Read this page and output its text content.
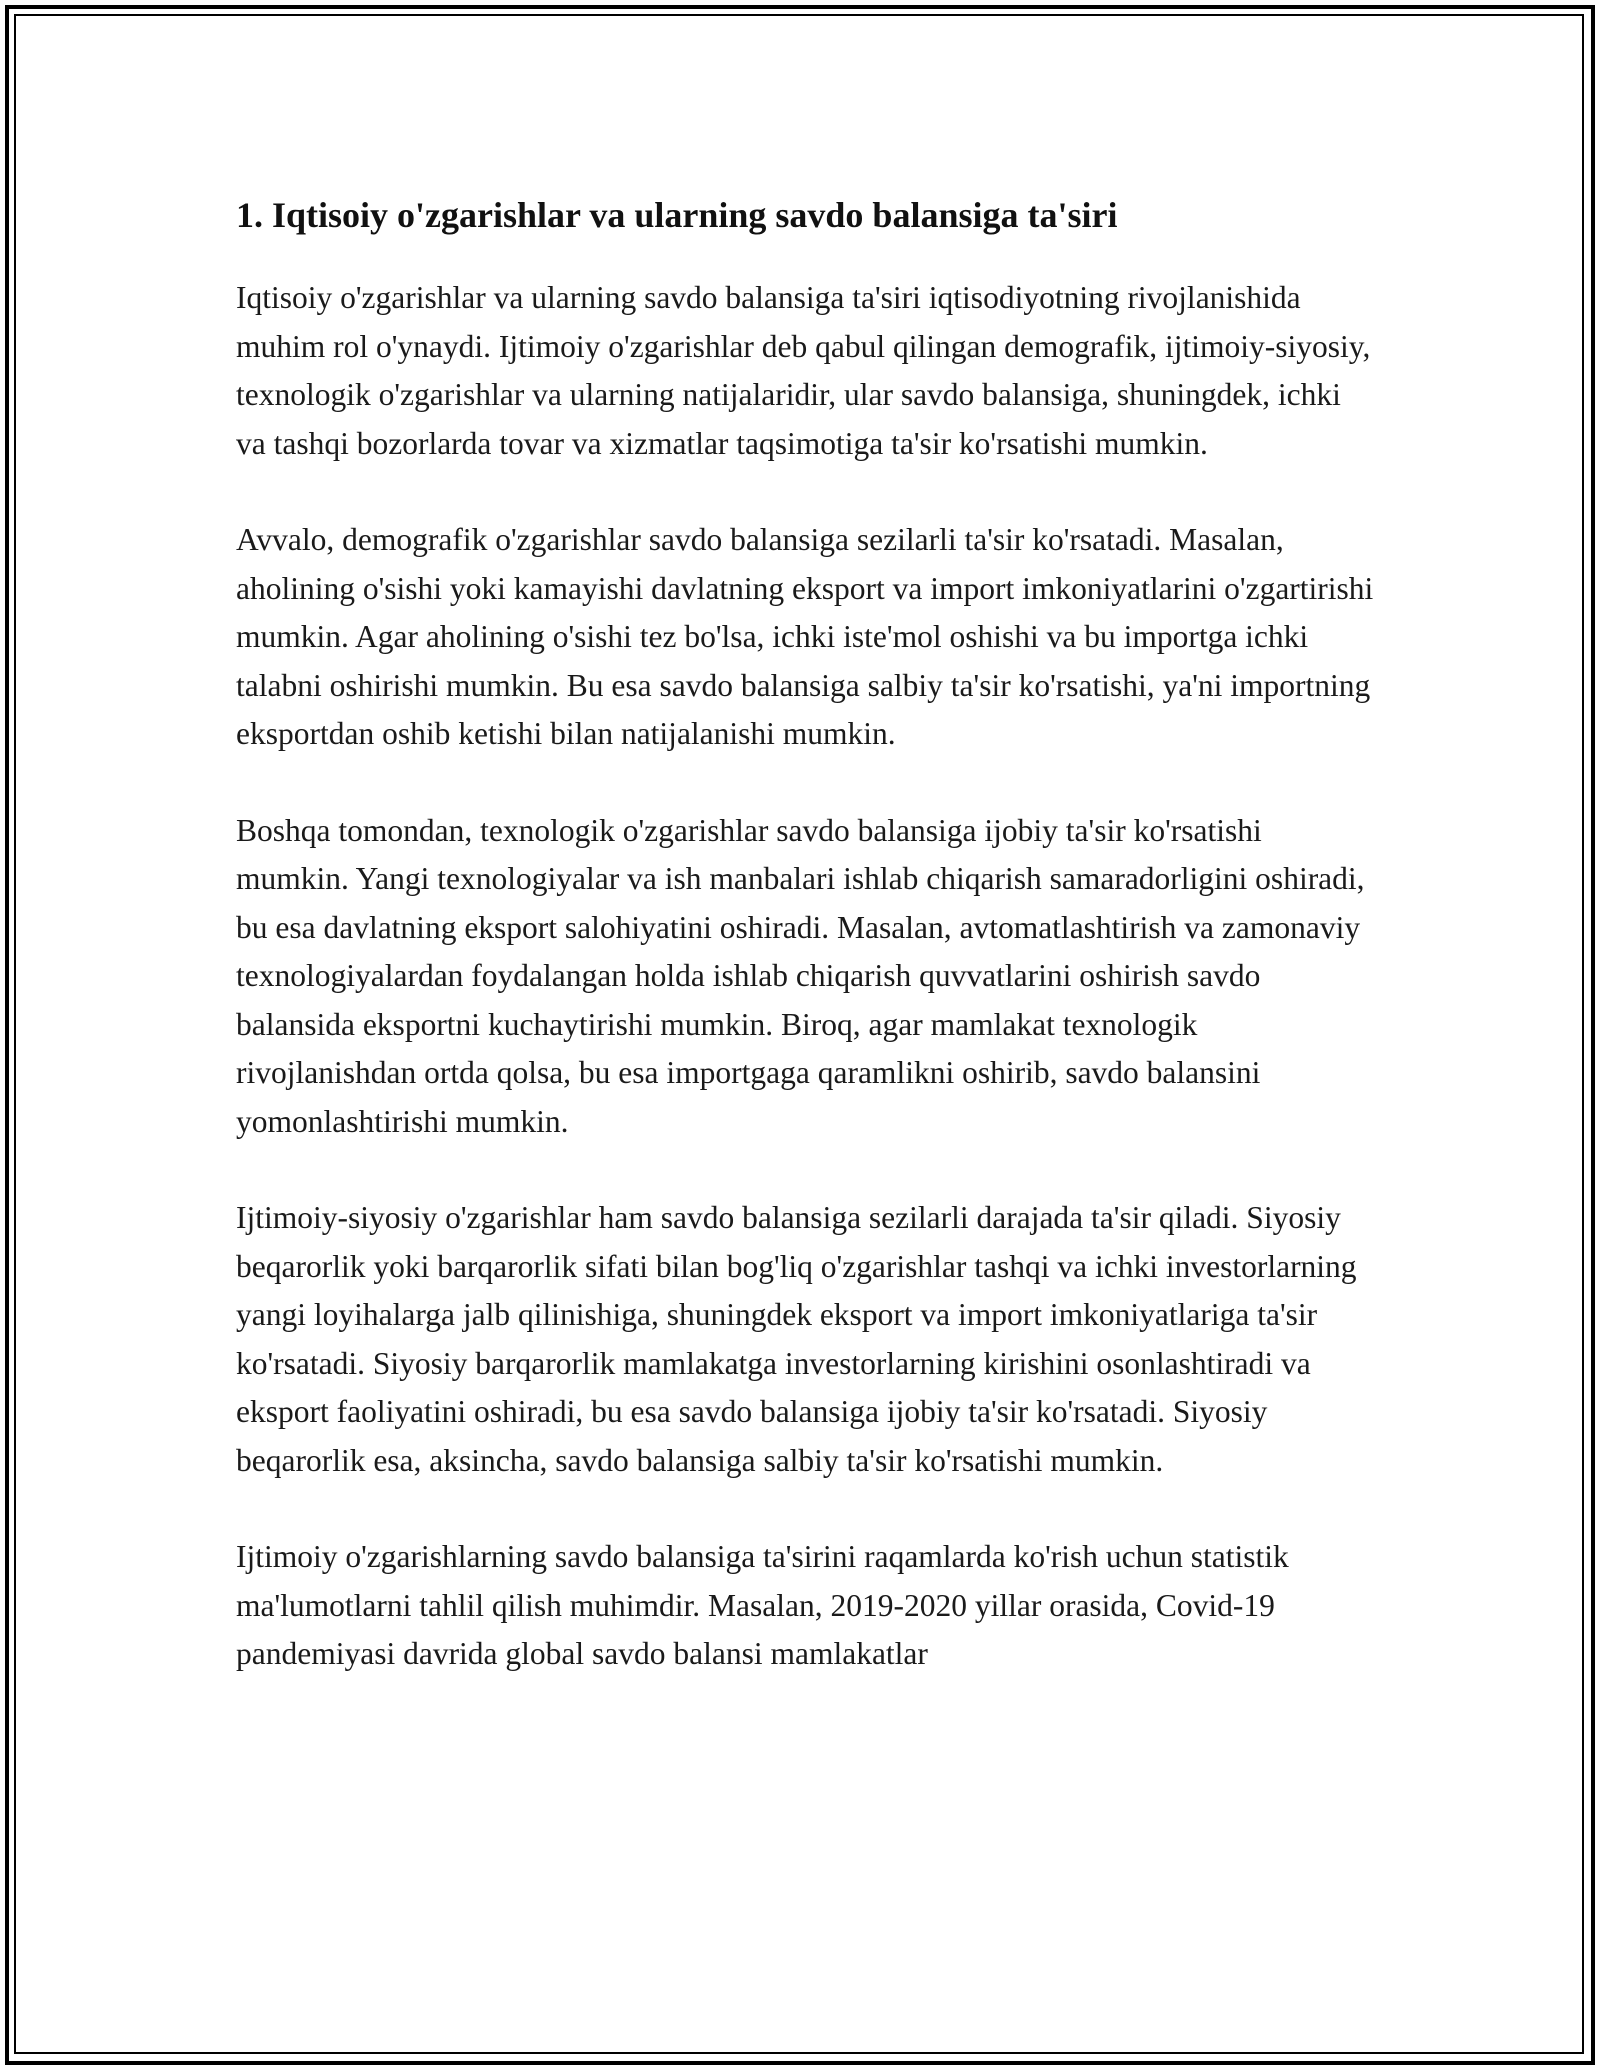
1. Iqtisoiy o'zgarishlar va ularning savdo balansiga ta'siri

Iqtisoiy o'zgarishlar va ularning savdo balansiga ta'siri iqtisodiyotning rivojlanishida muhim rol o'ynaydi. Ijtimoiy o'zgarishlar deb qabul qilingan demografik, ijtimoiy-siyosiy, texnologik o'zgarishlar va ularning natijalaridir, ular savdo balansiga, shuningdek, ichki va tashqi bozorlarda tovar va xizmatlar taqsimotiga ta'sir ko'rsatishi mumkin.

Avvalo, demografik o'zgarishlar savdo balansiga sezilarli ta'sir ko'rsatadi. Masalan, aholining o'sishi yoki kamayishi davlatning eksport va import imkoniyatlarini o'zgartirishi mumkin. Agar aholining o'sishi tez bo'lsa, ichki iste'mol oshishi va bu importga ichki talabni oshirishi mumkin. Bu esa savdo balansiga salbiy ta'sir ko'rsatishi, ya'ni importning eksportdan oshib ketishi bilan natijalanishi mumkin.

Boshqa tomondan, texnologik o'zgarishlar savdo balansiga ijobiy ta'sir ko'rsatishi mumkin. Yangi texnologiyalar va ish manbalari ishlab chiqarish samaradorligini oshiradi, bu esa davlatning eksport salohiyatini oshiradi. Masalan, avtomatlashtirish va zamonaviy texnologiyalardan foydalangan holda ishlab chiqarish quvvatlarini oshirish savdo balansida eksportni kuchaytirishi mumkin. Biroq, agar mamlakat texnologik rivojlanishdan ortda qolsa, bu esa importgaga qaramlikni oshirib, savdo balansini yomonlashtirishi mumkin.

Ijtimoiy-siyosiy o'zgarishlar ham savdo balansiga sezilarli darajada ta'sir qiladi. Siyosiy beqarorlik yoki barqarorlik sifati bilan bog'liq o'zgarishlar tashqi va ichki investorlarning yangi loyihalarga jalb qilinishiga, shuningdek eksport va import imkoniyatlariga ta'sir ko'rsatadi. Siyosiy barqarorlik mamlakatga investorlarning kirishini osonlashtiradi va eksport faoliyatini oshiradi, bu esa savdo balansiga ijobiy ta'sir ko'rsatadi. Siyosiy beqarorlik esa, aksincha, savdo balansiga salbiy ta'sir ko'rsatishi mumkin.

Ijtimoiy o'zgarishlarning savdo balansiga ta'sirini raqamlarda ko'rish uchun statistik ma'lumotlarni tahlil qilish muhimdir. Masalan, 2019-2020 yillar orasida, Covid-19 pandemiyasi davrida global savdo balansi mamlakatlar
